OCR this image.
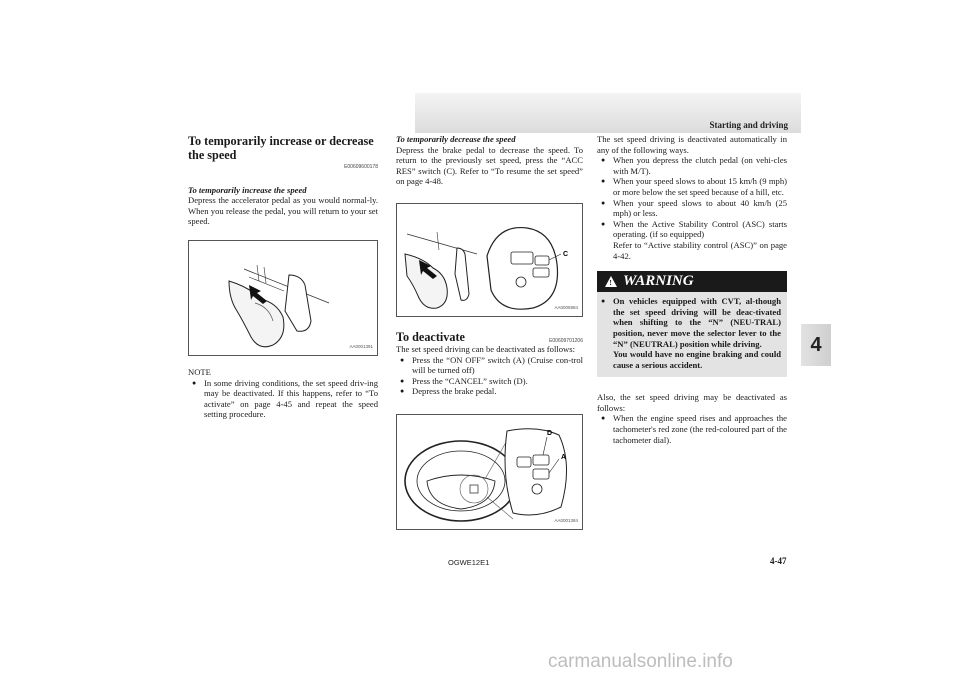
Starting and driving
4

To temporarily increase or decrease the speed

E00609600178

To temporarily increase the speed

Depress the accelerator pedal as you would normal-ly. When you release the pedal, you will return to your set speed.

AA0001391

NOTE

● In some driving conditions, the set speed driv-ing may be deactivated. If this happens, refer to “To activate” on page 4-45 and repeat the speed setting procedure.

To temporarily decrease the speed

Depress the brake pedal to decrease the speed. To return to the previously set speed, press the “ACC RES” switch (C). Refer to “To resume the set speed” on page 4-48.

C
AA0005984

To deactivate	E00609701206

The set speed driving can be deactivated as follows:

● Press the “ON OFF” switch (A) (Cruise con-trol will be turned off)
● Press the “CANCEL” switch (D).
● Depress the brake pedal.
D
A
AA0001384

The set speed driving is deactivated automatically in any of the following ways.

● When you depress the clutch pedal (on vehi-cles with M/T).
● When your speed slows to about 15 km/h (9 mph) or more below the set speed because of a hill, etc.
● When your speed slows to about 40 km/h (25 mph) or less.
● When the Active Stability Control (ASC) starts operating. (if so equipped)
Refer to “Active stability control (ASC)” on page 4-42.
! WARNING
● On vehicles equipped with CVT, al-though the set speed driving will be deac-tivated when shifting to the “N” (NEU-TRAL) position, never move the selector lever to the “N” (NEUTRAL) position while driving.
You would have no engine braking and could cause a serious accident.

Also, the set speed driving may be deactivated as follows:

● When the engine speed rises and approaches the tachometer's red zone (the red-coloured part of the tachometer dial).
OGWE12E1	4-47
carmanualsonline.info
